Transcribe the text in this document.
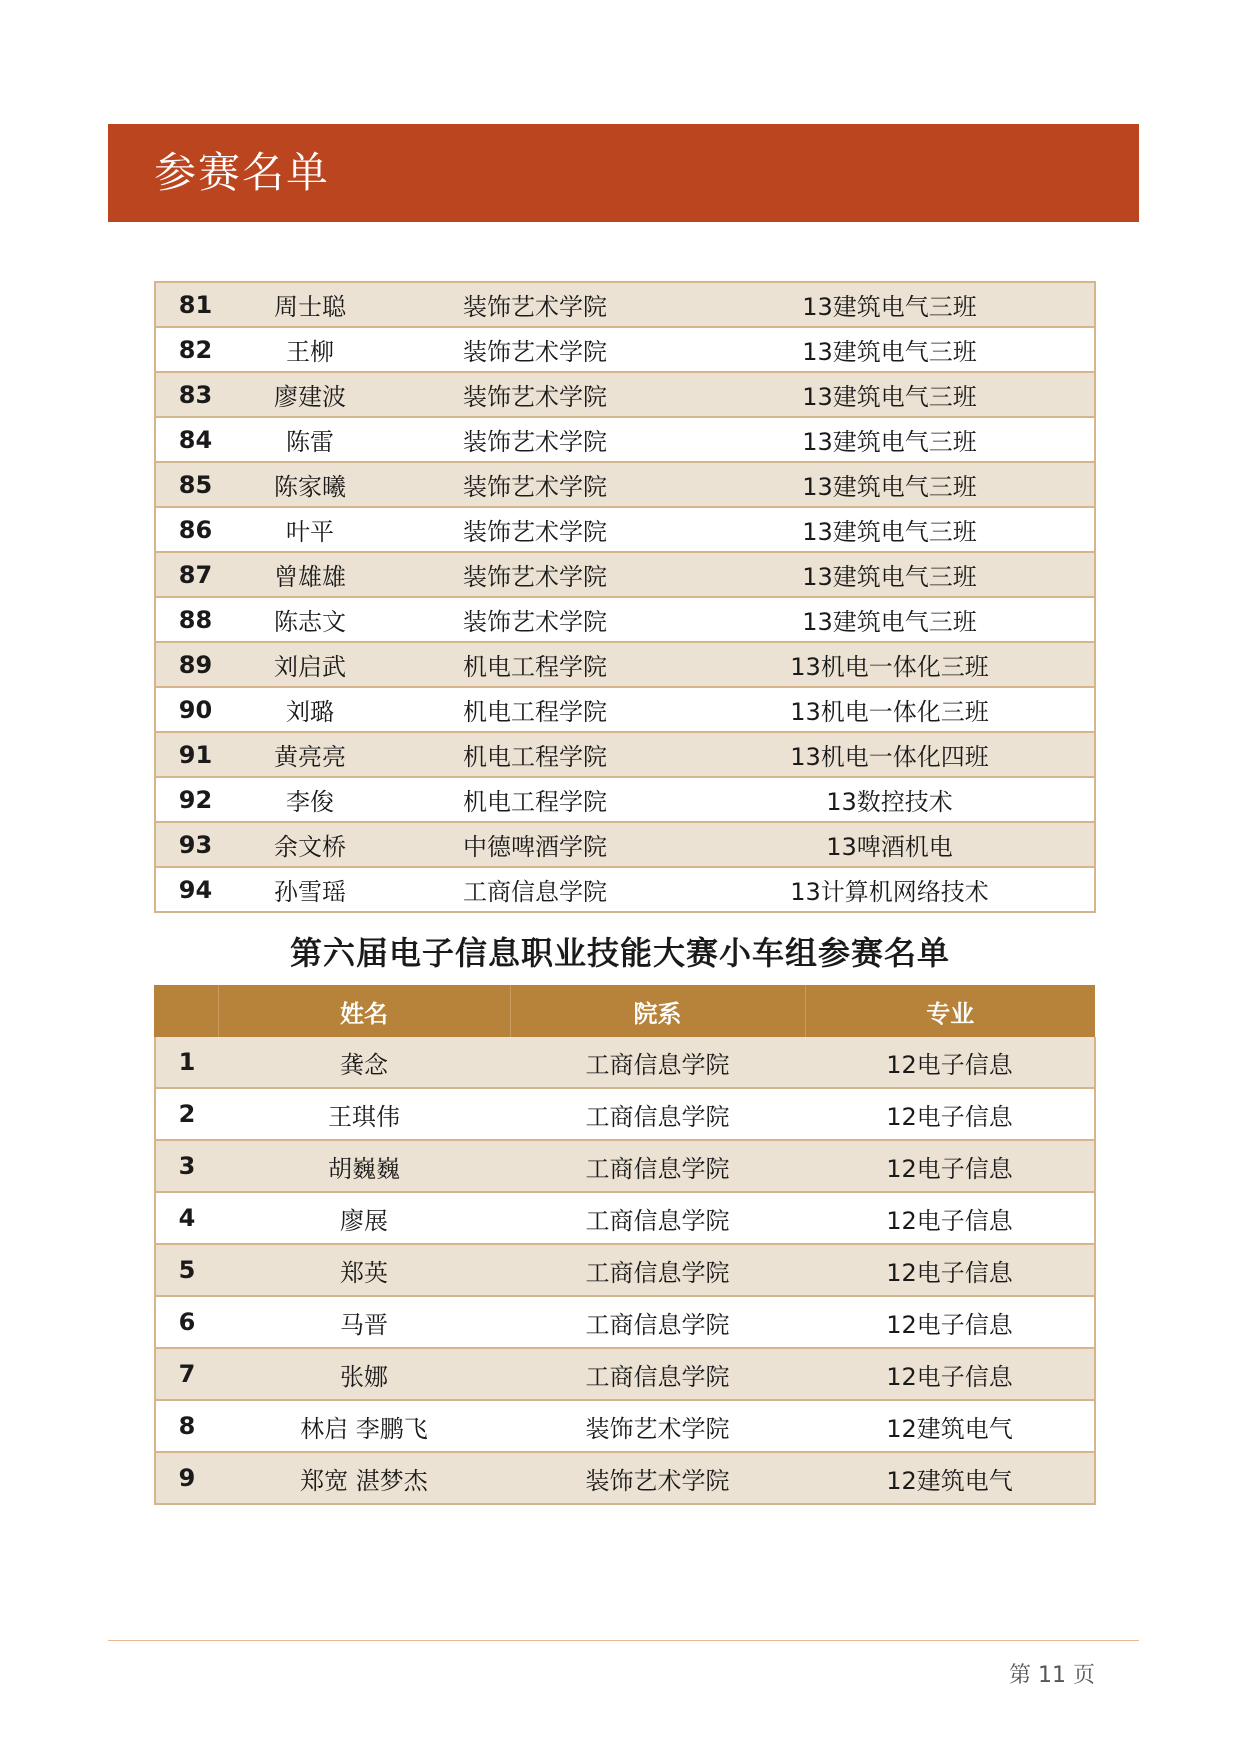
参赛名单
81	周士聪	装饰艺术学院	13建筑电气三班
82	王柳	装饰艺术学院	13建筑电气三班
83	廖建波	装饰艺术学院	13建筑电气三班
84	陈雷	装饰艺术学院	13建筑电气三班
85	陈家曦	装饰艺术学院	13建筑电气三班
86	叶平	装饰艺术学院	13建筑电气三班
87	曾雄雄	装饰艺术学院	13建筑电气三班
88	陈志文	装饰艺术学院	13建筑电气三班
89	刘启武	机电工程学院	13机电一体化三班
90	刘璐	机电工程学院	13机电一体化三班
91	黄亮亮	机电工程学院	13机电一体化四班
92	李俊	机电工程学院	13数控技术
93	余文桥	中德啤酒学院	13啤酒机电
94	孙雪瑶	工商信息学院	13计算机网络技术
第六届电子信息职业技能大赛小车组参赛名单
	姓名	院系	专业
1	龚念	工商信息学院	12电子信息
2	王琪伟	工商信息学院	12电子信息
3	胡巍巍	工商信息学院	12电子信息
4	廖展	工商信息学院	12电子信息
5	郑英	工商信息学院	12电子信息
6	马晋	工商信息学院	12电子信息
7	张娜	工商信息学院	12电子信息
8	林启 李鹏飞	装饰艺术学院	12建筑电气
9	郑宽 湛梦杰	装饰艺术学院	12建筑电气
第 11 页
